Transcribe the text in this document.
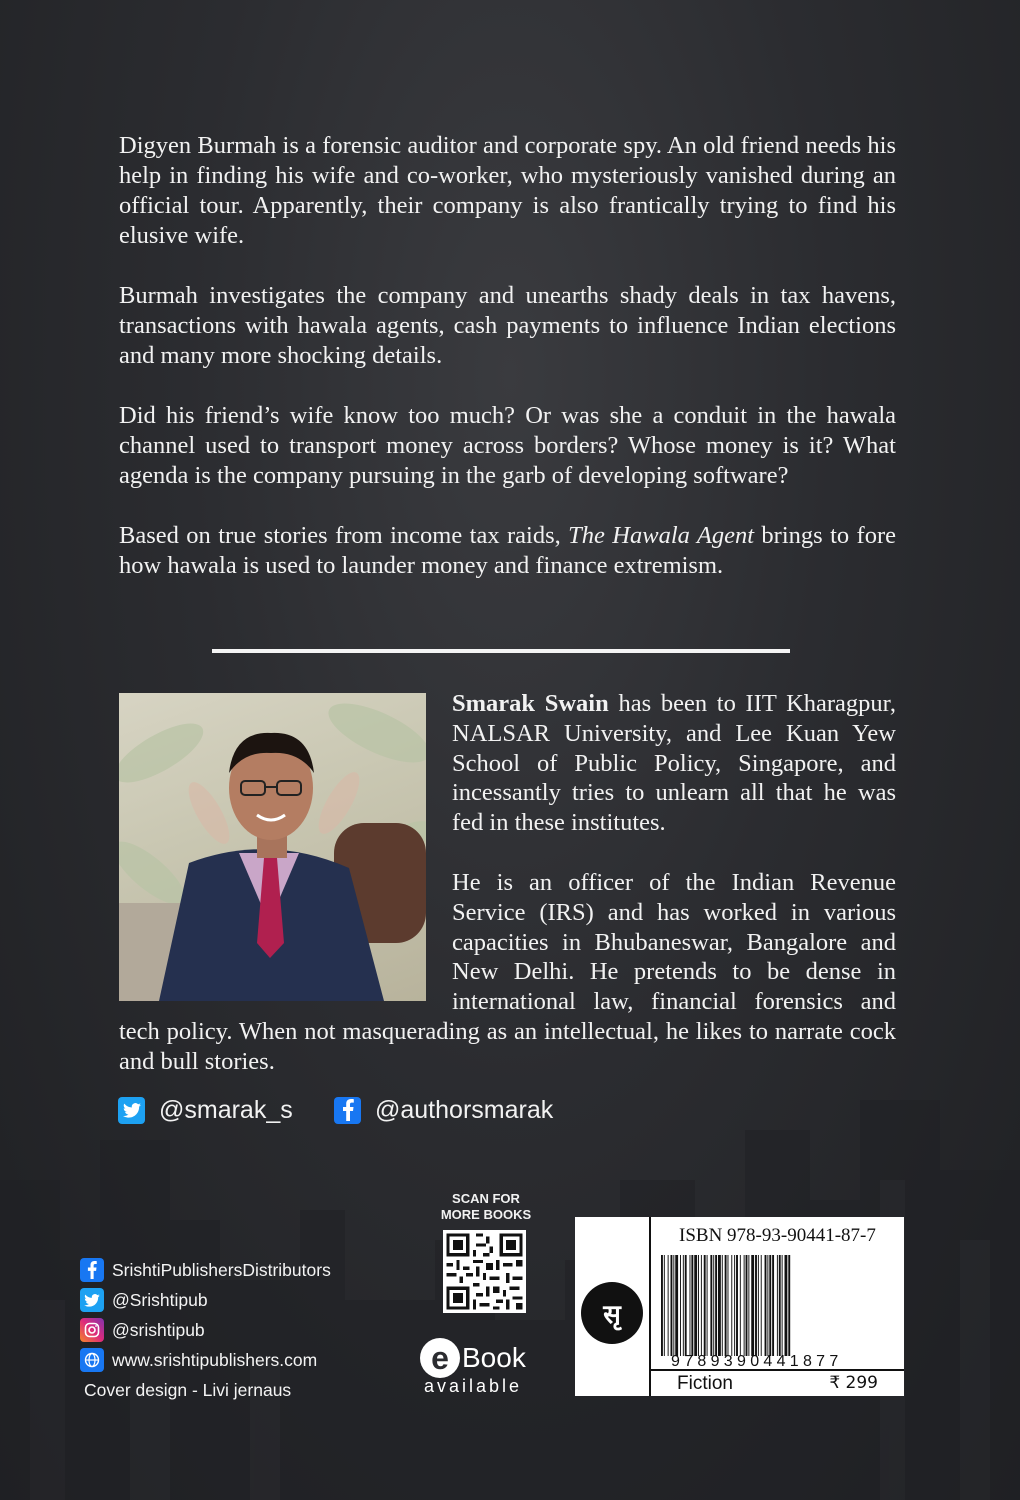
Digyen Burmah is a forensic auditor and corporate spy. An old friend needs his help in finding his wife and co-worker, who mysteriously vanished during an official tour. Apparently, their company is also frantically trying to find his elusive wife.

Burmah investigates the company and unearths shady deals in tax havens, transactions with hawala agents, cash payments to influence Indian elections and many more shocking details.

Did his friend’s wife know too much? Or was she a conduit in the hawala channel used to transport money across borders? Whose money is it? What agenda is the company pursuing in the garb of developing software?

Based on true stories from income tax raids, The Hawala Agent brings to fore how hawala is used to launder money and finance extremism.

Smarak Swain has been to IIT Kharagpur, NALSAR University, and Lee Kuan Yew School of Public Policy, Singapore, and incessantly tries to unlearn all that he was fed in these institutes.

He is an officer of the Indian Revenue Service (IRS) and has worked in various capacities in Bhubaneswar, Bangalore and New Delhi. He pretends to be dense in international law, financial forensics and tech policy. When not masquerading as an intellectual, he likes to narrate cock and bull stories.

@smarak_s	@authorsmarak
SrishtiPublishersDistributors
@Srishtipub
@srishtipub
www.srishtipublishers.com
Cover design - Livi jernaus
SCAN FOR
MORE BOOKS
e Book
available
सृ
ISBN 978-93-90441-87-7
9789390441877
Fiction	₹ 299
